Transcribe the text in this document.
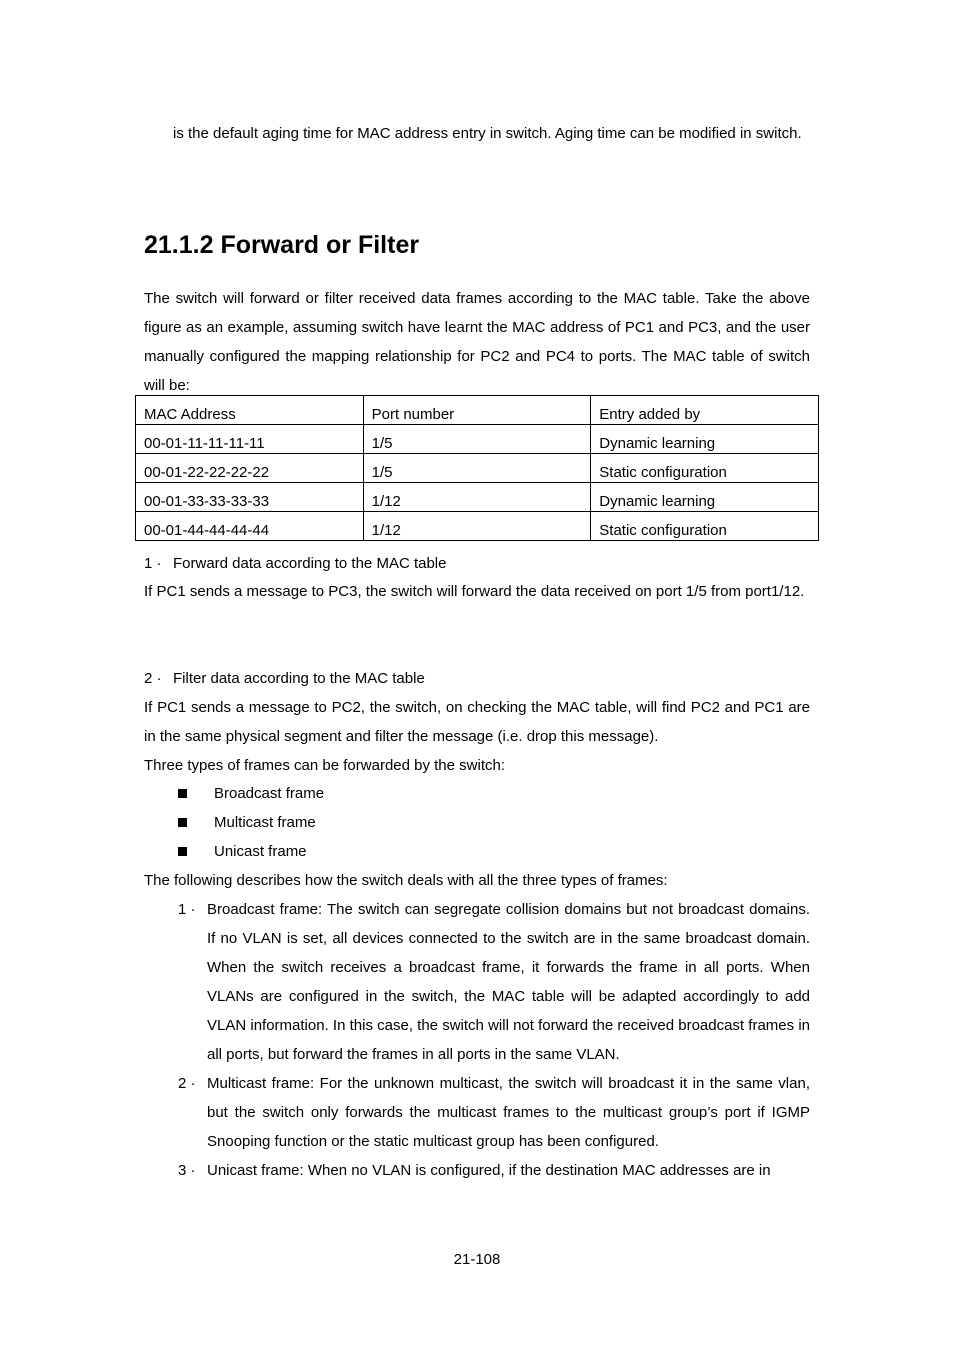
is the default aging time for MAC address entry in switch. Aging time can be modified in switch.
21.1.2 Forward or Filter
The switch will forward or filter received data frames according to the MAC table. Take the above figure as an example, assuming switch have learnt the MAC address of PC1 and PC3, and the user manually configured the mapping relationship for PC2 and PC4 to ports. The MAC table of switch will be:
MAC Address	Port number	Entry added by

00-01-11-11-11-11	1/5	Dynamic learning

00-01-22-22-22-22	1/5	Static configuration

00-01-33-33-33-33	1/12	Dynamic learning

00-01-44-44-44-44	1/12	Static configuration
1 · Forward data according to the MAC table
If PC1 sends a message to PC3, the switch will forward the data received on port 1/5 from port1/12.
2 · Filter data according to the MAC table
If PC1 sends a message to PC2, the switch, on checking the MAC table, will find PC2 and PC1 are in the same physical segment and filter the message (i.e. drop this message).
Three types of frames can be forwarded by the switch:
Broadcast frame
Multicast frame
Unicast frame
The following describes how the switch deals with all the three types of frames:
1 · Broadcast frame: The switch can segregate collision domains but not broadcast domains. If no VLAN is set, all devices connected to the switch are in the same broadcast domain. When the switch receives a broadcast frame, it forwards the frame in all ports. When VLANs are configured in the switch, the MAC table will be adapted accordingly to add VLAN information. In this case, the switch will not forward the received broadcast frames in all ports, but forward the frames in all ports in the same VLAN.
2 · Multicast frame: For the unknown multicast, the switch will broadcast it in the same vlan, but the switch only forwards the multicast frames to the multicast group’s port if IGMP Snooping function or the static multicast group has been configured.
3 · Unicast frame: When no VLAN is configured, if the destination MAC addresses are in
21-108
